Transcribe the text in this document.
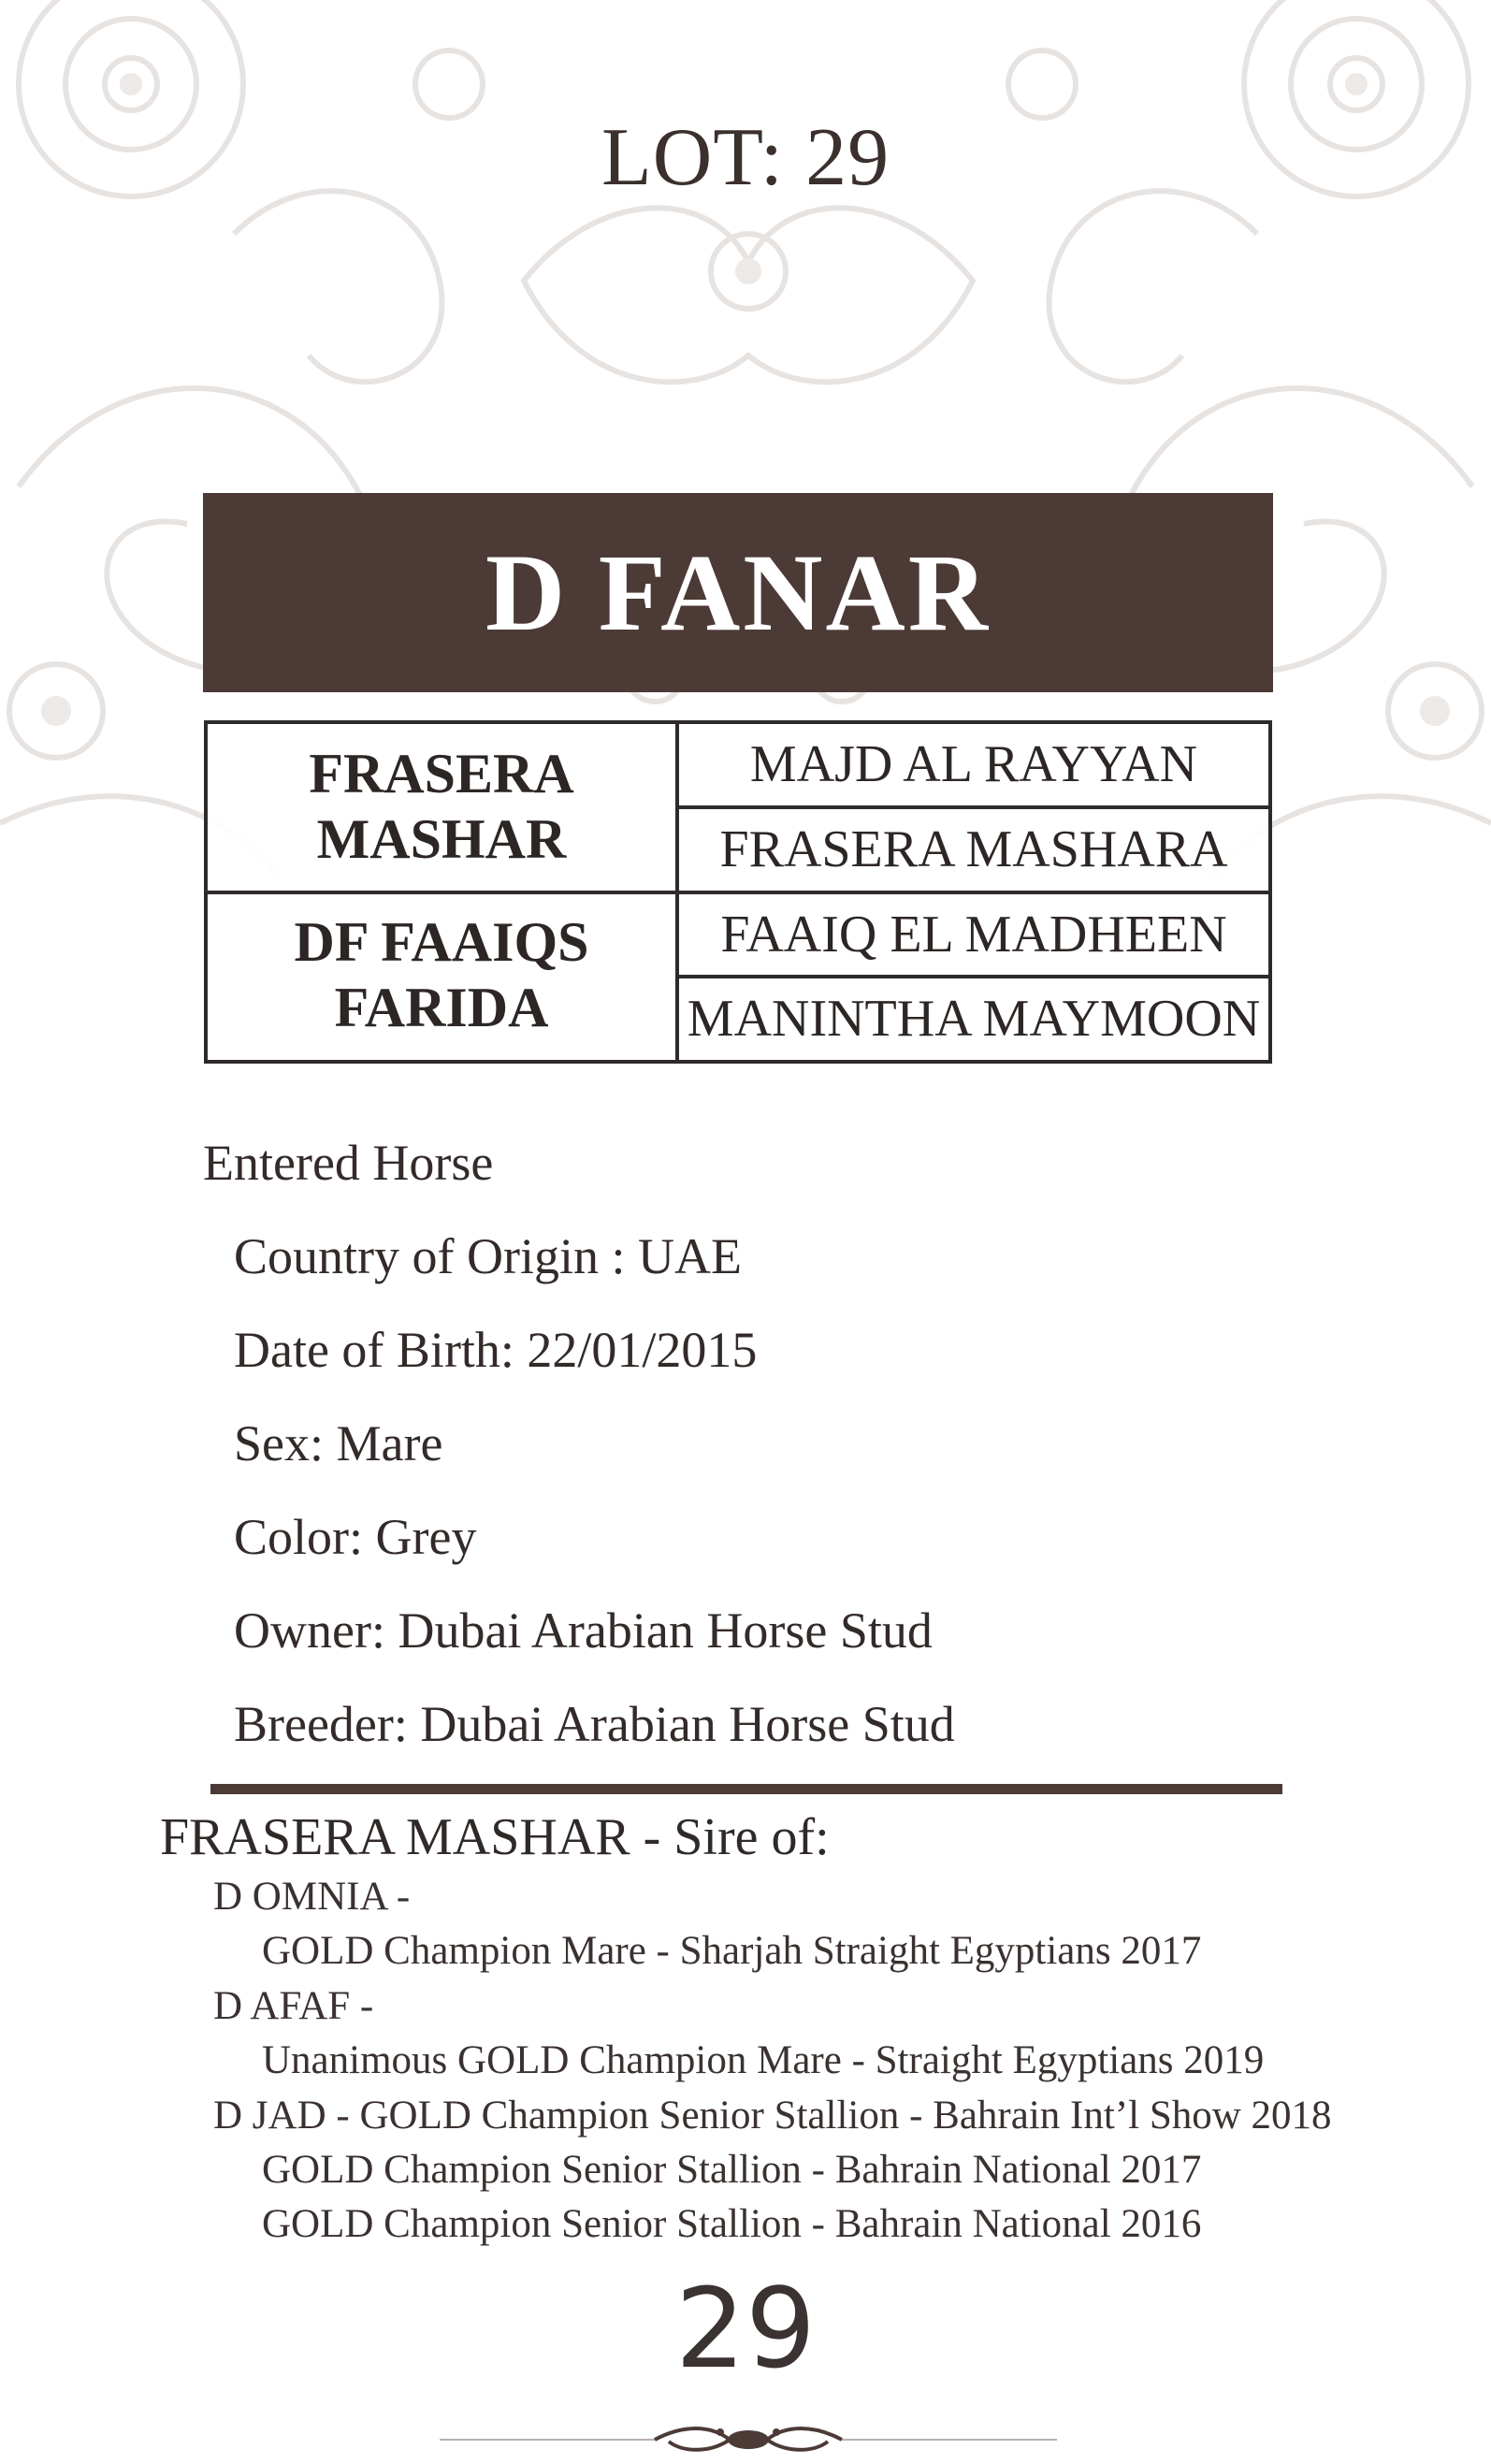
LOT: 29
D FANAR
FRASERA
MASHAR
DF FAAIQS
FARIDA
MAJD AL RAYYAN
FRASERA MASHARA
FAAIQ EL MADHEEN
MANINTHA MAYMOON
Entered Horse
Country of Origin : UAE
Date of Birth: 22/01/2015
Sex: Mare
Color: Grey
Owner: Dubai Arabian Horse Stud
Breeder: Dubai Arabian Horse Stud
FRASERA MASHAR - Sire of:
D OMNIA -
GOLD Champion Mare - Sharjah Straight Egyptians 2017
D AFAF -
Unanimous GOLD Champion Mare - Straight Egyptians 2019
D JAD - GOLD Champion Senior Stallion - Bahrain Int’l Show 2018
GOLD Champion Senior Stallion - Bahrain National 2017
GOLD Champion Senior Stallion - Bahrain National 2016
29
